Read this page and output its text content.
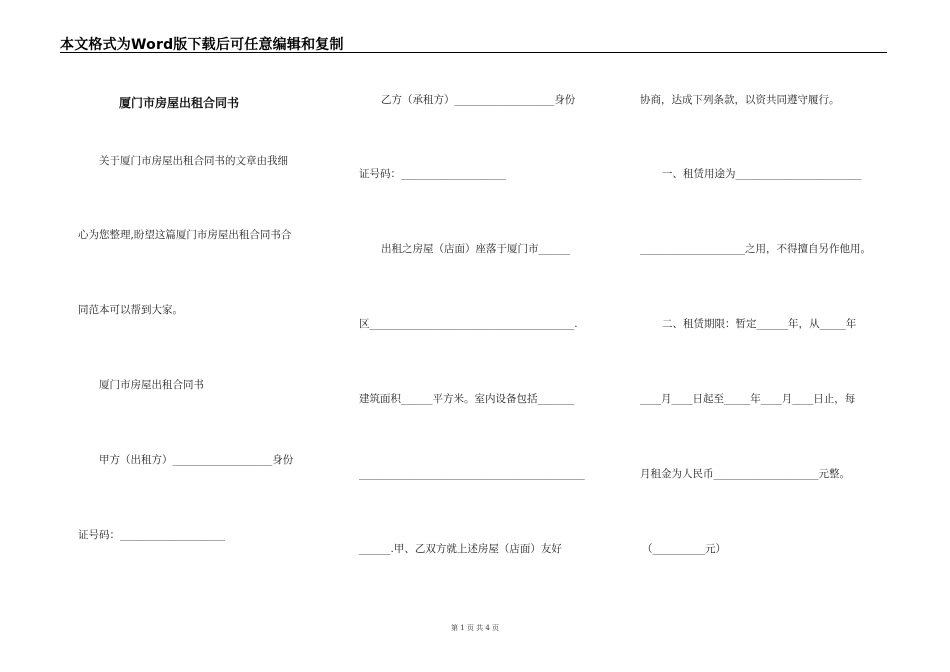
本文格式为Word版下载后可任意编辑和复制
厦门市房屋出租合同书
关于厦门市房屋出租合同书的文章由我细
心为您整理,盼望这篇厦门市房屋出租合同书合
同范本可以帮到大家。
厦门市房屋出租合同书
甲方（出租方）___________________身份
证号码：____________________
乙方（承租方）___________________身份
证号码：____________________
出租之房屋（店面）座落于厦门市______
区_______________________________________.
建筑面积______平方米。室内设备包括_______
___________________________________________
______.甲、乙双方就上述房屋（店面）友好
协商，达成下列条款，以资共同遵守履行。
一、租赁用途为________________________
____________________之用，不得擅自另作他用。
二、租赁期限：暂定______年，从_____年
____月____日起至_____年____月____日止，每
月租金为人民币____________________元整。
（__________元）
第 1 页 共 4 页
